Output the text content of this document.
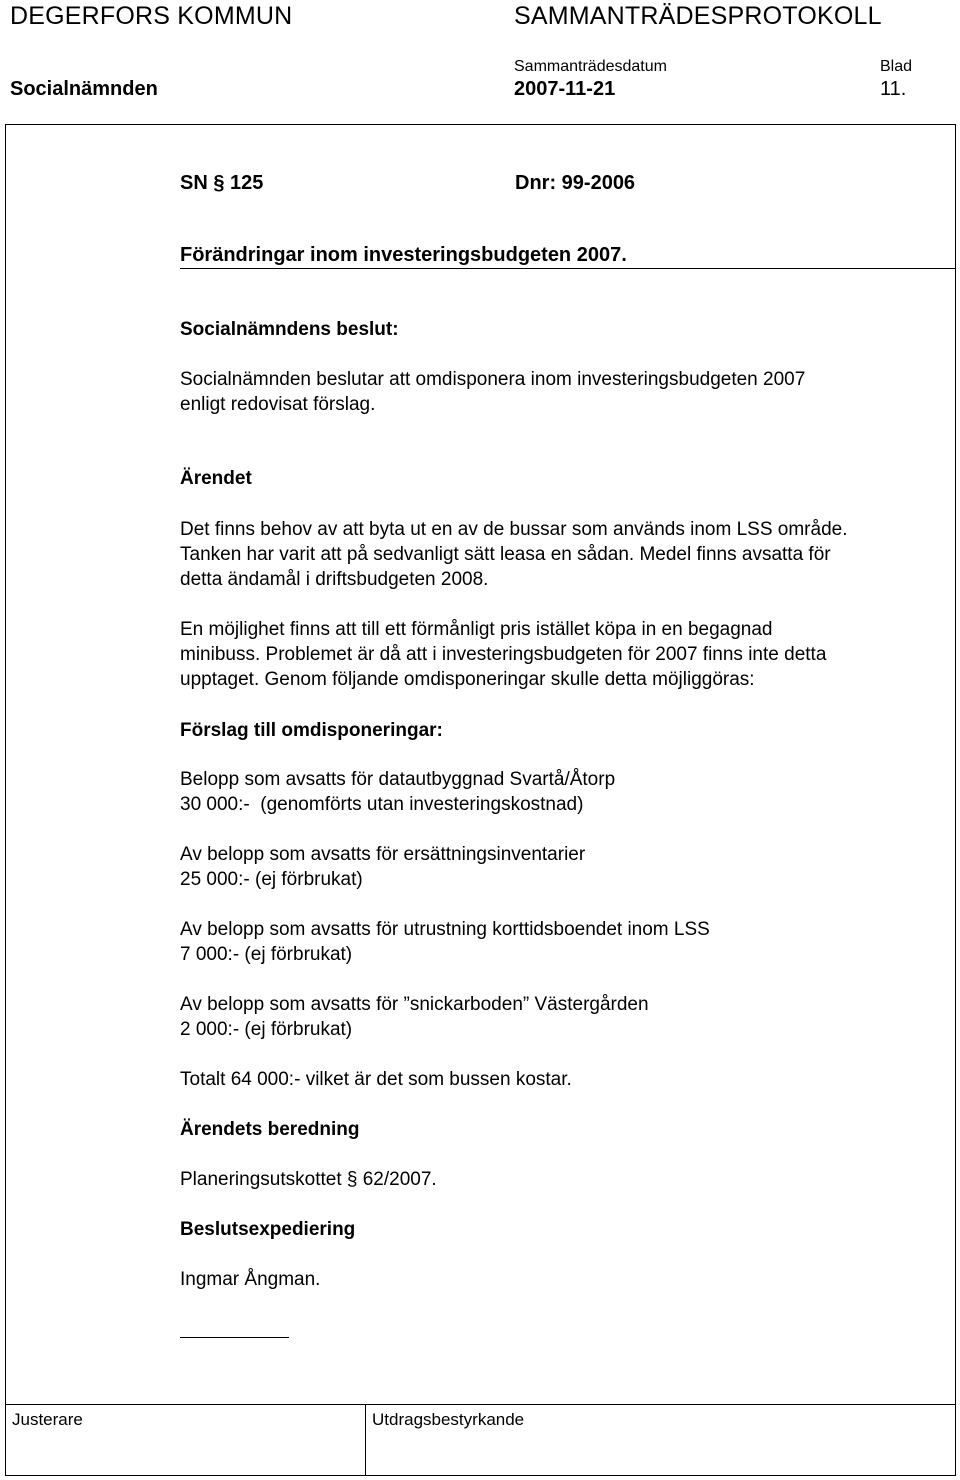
DEGERFORS KOMMUN	SAMMANTRÄDESPROTOKOLL
Sammanträdesdatum	Blad
Socialnämnden	2007-11-21	11.
SN § 125	Dnr: 99-2006
Förändringar inom investeringsbudgeten 2007.
Socialnämndens beslut:
Socialnämnden beslutar att omdisponera inom investeringsbudgeten 2007
enligt redovisat förslag.
Ärendet
Det finns behov av att byta ut en av de bussar som används inom LSS område.
Tanken har varit att på sedvanligt sätt leasa en sådan. Medel finns avsatta för
detta ändamål i driftsbudgeten 2008.
En möjlighet finns att till ett förmånligt pris istället köpa in en begagnad
minibuss. Problemet är då att i investeringsbudgeten för 2007 finns inte detta
upptaget. Genom följande omdisponeringar skulle detta möjliggöras:
Förslag till omdisponeringar:
Belopp som avsatts för datautbyggnad Svartå/Åtorp
30 000:-  (genomförts utan investeringskostnad)
Av belopp som avsatts för ersättningsinventarier
25 000:- (ej förbrukat)
Av belopp som avsatts för utrustning korttidsboendet inom LSS
7 000:- (ej förbrukat)
Av belopp som avsatts för ”snickarboden” Västergården
2 000:- (ej förbrukat)
Totalt 64 000:- vilket är det som bussen kostar.
Ärendets beredning
Planeringsutskottet § 62/2007.
Beslutsexpediering
Ingmar Ångman.
Justerare	Utdragsbestyrkande
